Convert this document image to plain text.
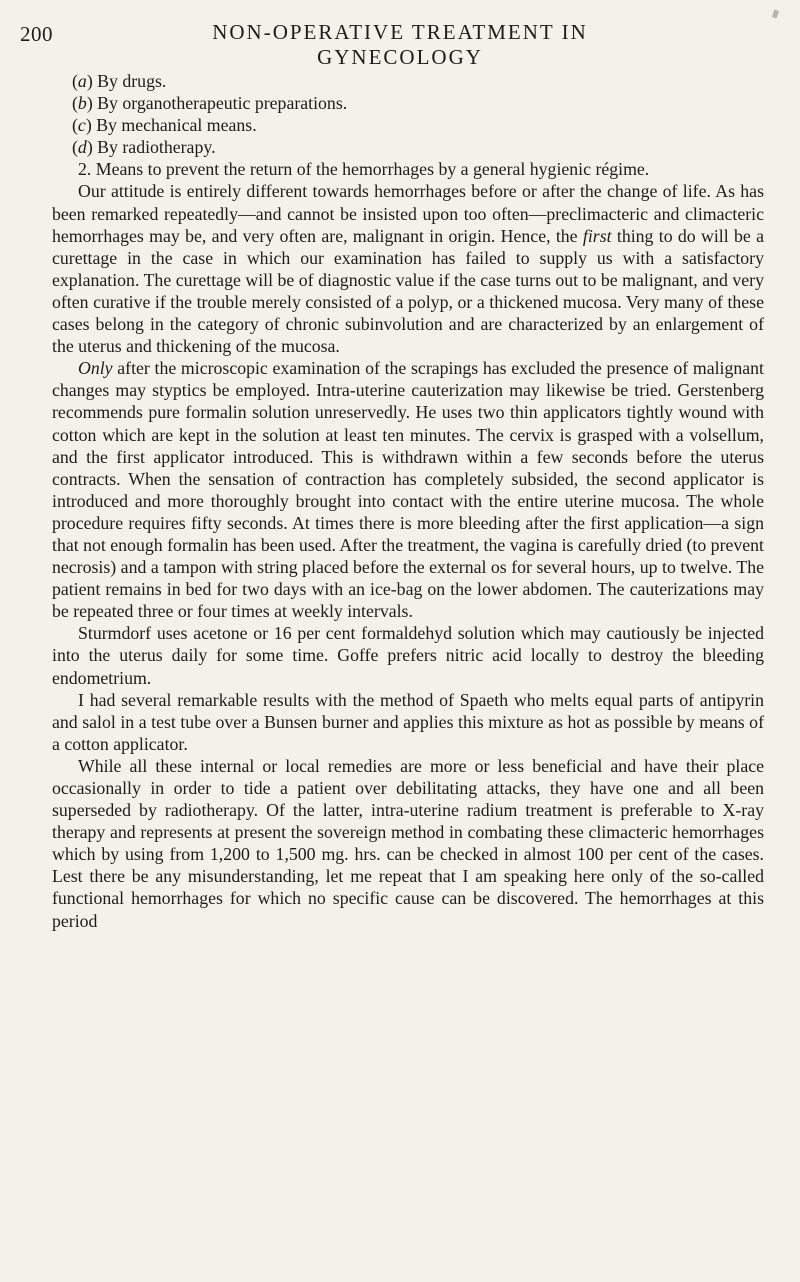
200	NON-OPERATIVE TREATMENT IN GYNECOLOGY
(a) By drugs.
(b) By organotherapeutic preparations.
(c) By mechanical means.
(d) By radiotherapy.

2. Means to prevent the return of the hemorrhages by a general hygienic régime.

Our attitude is entirely different towards hemorrhages before or after the change of life. As has been remarked repeatedly—and cannot be insisted upon too often—preclimacteric and climacteric hemorrhages may be, and very often are, malignant in origin. Hence, the first thing to do will be a curettage in the case in which our examination has failed to supply us with a satisfactory explanation. The curettage will be of diagnostic value if the case turns out to be malignant, and very often curative if the trouble merely consisted of a polyp, or a thickened mucosa. Very many of these cases belong in the category of chronic subinvolution and are characterized by an enlargement of the uterus and thickening of the mucosa.

Only after the microscopic examination of the scrapings has excluded the presence of malignant changes may styptics be employed. Intra-uterine cauterization may likewise be tried. Gerstenberg recommends pure formalin solution unreservedly. He uses two thin applicators tightly wound with cotton which are kept in the solution at least ten minutes. The cervix is grasped with a volsellum, and the first applicator introduced. This is withdrawn within a few seconds before the uterus contracts. When the sensation of contraction has completely subsided, the second applicator is introduced and more thoroughly brought into contact with the entire uterine mucosa. The whole procedure requires fifty seconds. At times there is more bleeding after the first application—a sign that not enough formalin has been used. After the treatment, the vagina is carefully dried (to prevent necrosis) and a tampon with string placed before the external os for several hours, up to twelve. The patient remains in bed for two days with an ice-bag on the lower abdomen. The cauterizations may be repeated three or four times at weekly intervals.

Sturmdorf uses acetone or 16 per cent formaldehyd solution which may cautiously be injected into the uterus daily for some time. Goffe prefers nitric acid locally to destroy the bleeding endometrium.

I had several remarkable results with the method of Spaeth who melts equal parts of antipyrin and salol in a test tube over a Bunsen burner and applies this mixture as hot as possible by means of a cotton applicator.

While all these internal or local remedies are more or less beneficial and have their place occasionally in order to tide a patient over debilitating attacks, they have one and all been superseded by radiotherapy. Of the latter, intra-uterine radium treatment is preferable to X-ray therapy and represents at present the sovereign method in combating these climacteric hemorrhages which by using from 1,200 to 1,500 mg. hrs. can be checked in almost 100 per cent of the cases. Lest there be any misunderstanding, let me repeat that I am speaking here only of the so-called functional hemorrhages for which no specific cause can be discovered. The hemorrhages at this period
